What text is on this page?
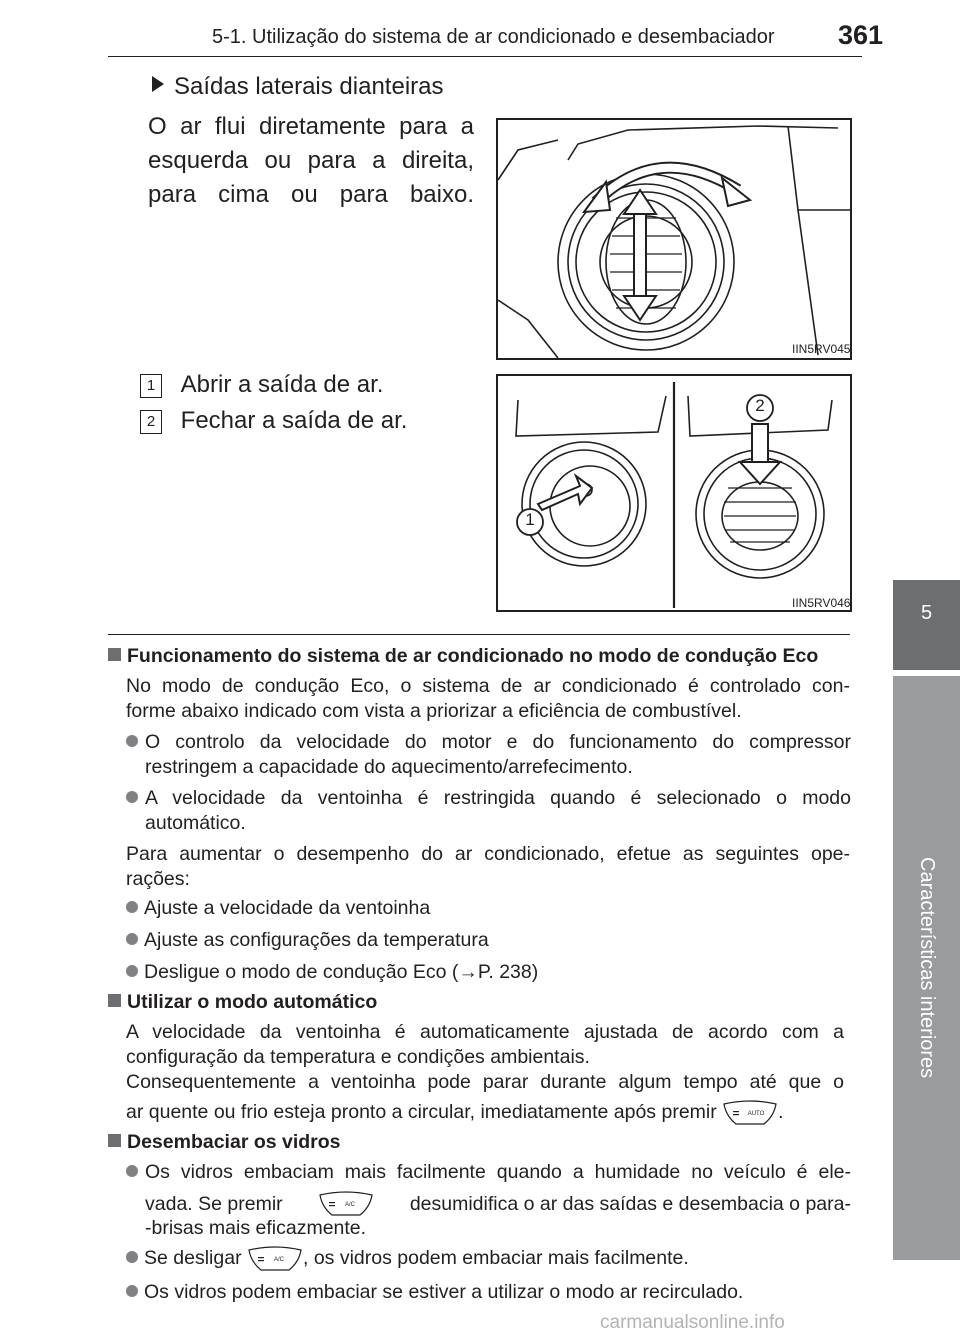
5-1. Utilização do sistema de ar condicionado e desembaciador 361
5
Características interiores
Saídas laterais dianteiras
O ar flui diretamente para a esquerda ou para a direita, para cima ou para baixo.
IIN5RV045
1 Abrir a saída de ar.
2 Fechar a saída de ar.
1
2
IIN5RV046
Funcionamento do sistema de ar condicionado no modo de condução Eco
No modo de condução Eco, o sistema de ar condicionado é controlado con-
forme abaixo indicado com vista a priorizar a eficiência de combustível.
O controlo da velocidade do motor e do funcionamento do compressor
restringem a capacidade do aquecimento/arrefecimento.
A velocidade da ventoinha é restringida quando é selecionado o modo
automático.
Para aumentar o desempenho do ar condicionado, efetue as seguintes ope-
rações:
Ajuste a velocidade da ventoinha
Ajuste as configurações da temperatura
Desligue o modo de condução Eco (→P. 238)
Utilizar o modo automático
A velocidade da ventoinha é automaticamente ajustada de acordo com a
configuração da temperatura e condições ambientais.
Consequentemente a ventoinha pode parar durante algum tempo até que o
ar quente ou frio esteja pronto a circular, imediatamente após premir	AUTO .
Desembaciar os vidros
Os vidros embaciam mais facilmente quando a humidade no veículo é ele-
vada. Se premir	A/C	desumidifica o ar das saídas e desembacia o para-
-brisas mais eficazmente.
Se desligar	A/C , os vidros podem embaciar mais facilmente.
Os vidros podem embaciar se estiver a utilizar o modo ar recirculado.
carmanualsonline.info
